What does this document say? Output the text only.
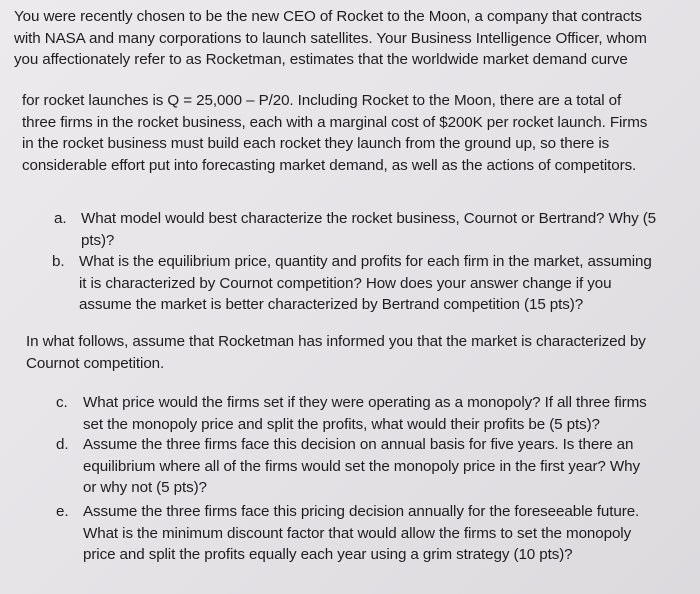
You were recently chosen to be the new CEO of Rocket to the Moon, a company that contracts
with NASA and many corporations to launch satellites. Your Business Intelligence Officer, whom
you affectionately refer to as Rocketman, estimates that the worldwide market demand curve

for rocket launches is Q = 25,000 – P/20. Including Rocket to the Moon, there are a total of
three firms in the rocket business, each with a marginal cost of $200K per rocket launch. Firms
in the rocket business must build each rocket they launch from the ground up, so there is
considerable effort put into forecasting market demand, as well as the actions of competitors.

a. What model would best characterize the rocket business, Cournot or Bertrand? Why (5
pts)?
b. What is the equilibrium price, quantity and profits for each firm in the market, assuming
it is characterized by Cournot competition? How does your answer change if you
assume the market is better characterized by Bertrand competition (15 pts)?

In what follows, assume that Rocketman has informed you that the market is characterized by
Cournot competition.

c. What price would the firms set if they were operating as a monopoly? If all three firms
set the monopoly price and split the profits, what would their profits be (5 pts)?
d. Assume the three firms face this decision on annual basis for five years. Is there an
equilibrium where all of the firms would set the monopoly price in the first year? Why
or why not (5 pts)?
e. Assume the three firms face this pricing decision annually for the foreseeable future.
What is the minimum discount factor that would allow the firms to set the monopoly
price and split the profits equally each year using a grim strategy (10 pts)?
